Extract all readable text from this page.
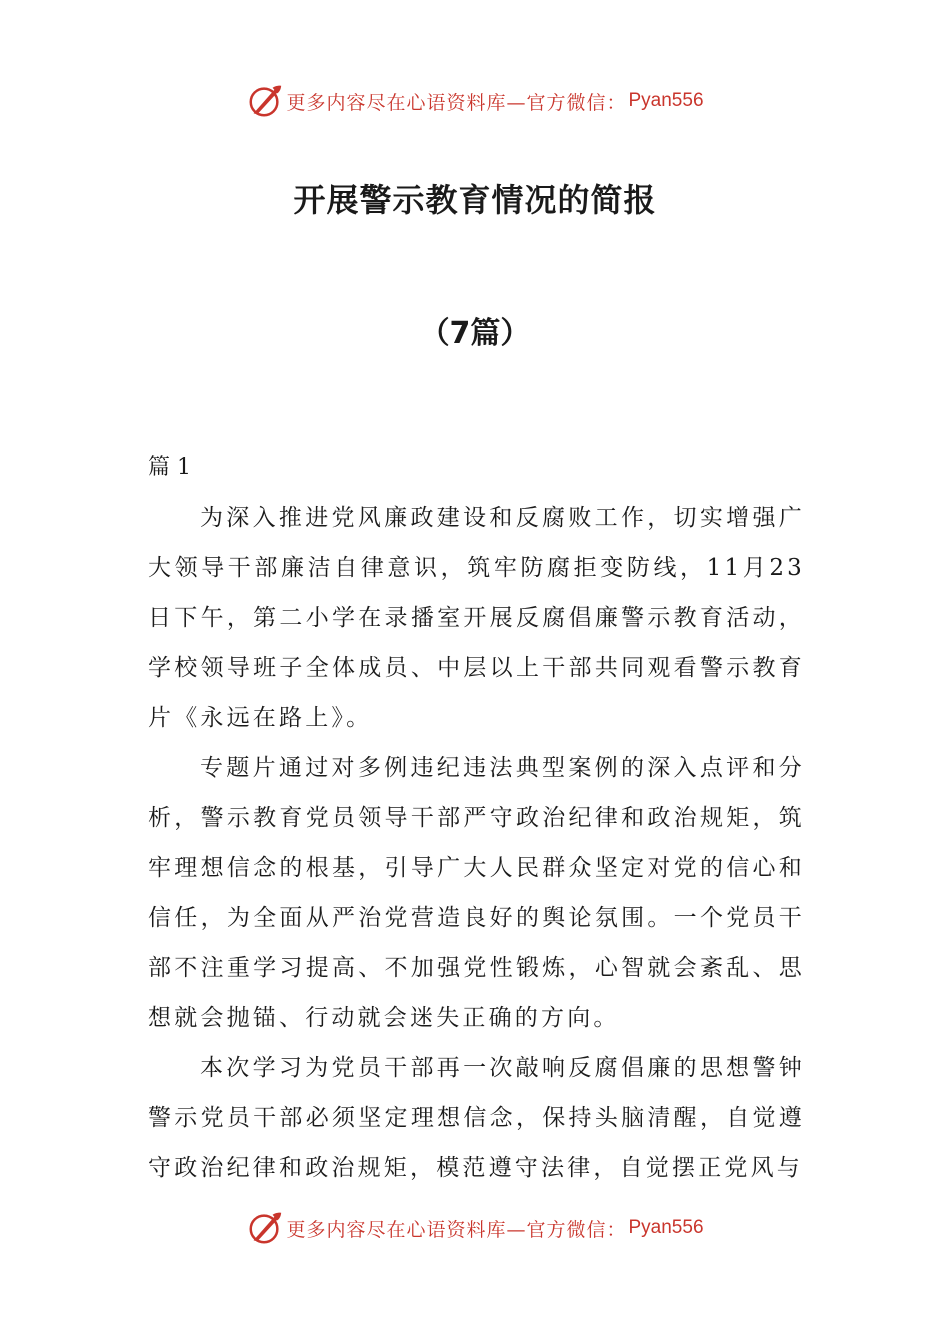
更多内容尽在心语资料库—官方微信： Pyan556
开展警示教育情况的简报
（7篇）

篇 1

为深入推进党风廉政建设和反腐败工作，切实增强广大领导干部廉洁自律意识，筑牢防腐拒变防线，11月23日下午，第二小学在录播室开展反腐倡廉警示教育活动，学校领导班子全体成员、中层以上干部共同观看警示教育片《永远在路上》。

专题片通过对多例违纪违法典型案例的深入点评和分析，警示教育党员领导干部严守政治纪律和政治规矩，筑牢理想信念的根基，引导广大人民群众坚定对党的信心和信任，为全面从严治党营造良好的舆论氛围。一个党员干部不注重学习提高、不加强党性锻炼，心智就会紊乱、思想就会抛锚、行动就会迷失正确的方向。

本次学习为党员干部再一次敲响反腐倡廉的思想警钟警示党员干部必须坚定理想信念，保持头脑清醒，自觉遵守政治纪律和政治规矩，模范遵守法律，自觉摆正党风与

更多内容尽在心语资料库—官方微信： Pyan556
